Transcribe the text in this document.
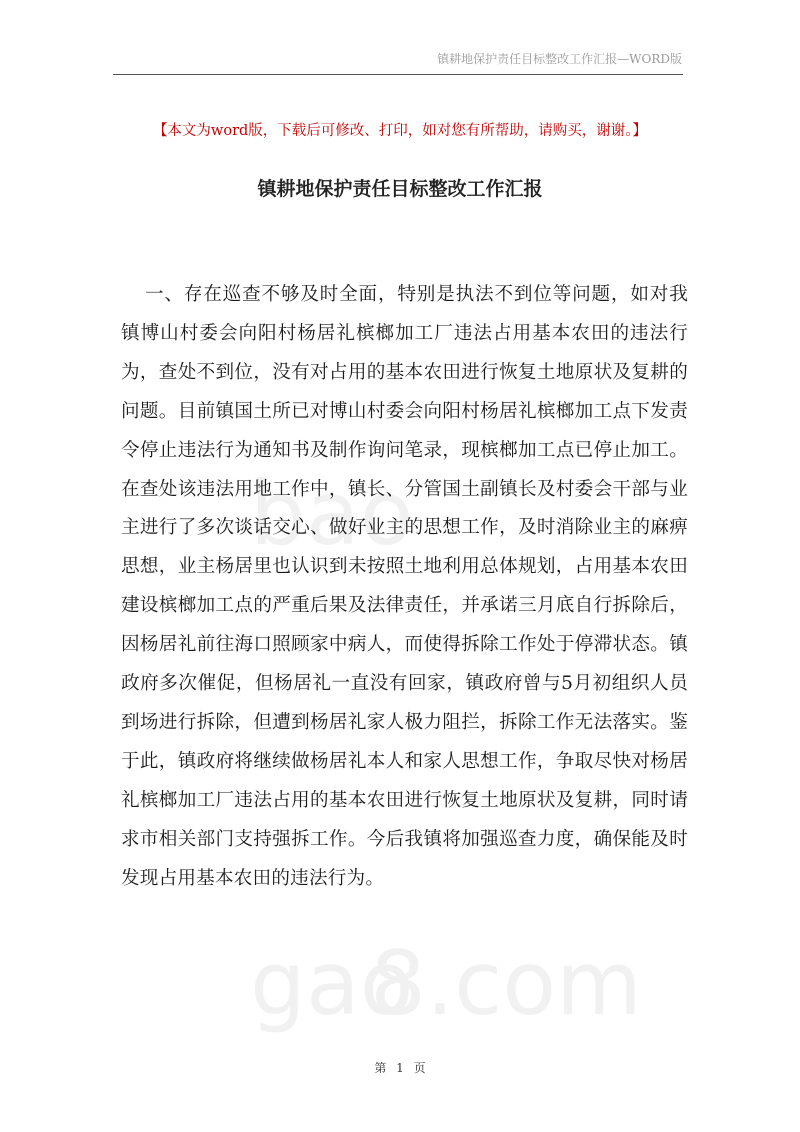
镇耕地保护责任目标整改工作汇报—WORD版
【本文为word版，下载后可修改、打印，如对您有所帮助，请购买，谢谢。】
镇耕地保护责任目标整改工作汇报
一、存在巡查不够及时全面，特别是执法不到位等问题，如对我
镇博山村委会向阳村杨居礼槟榔加工厂违法占用基本农田的违法行
为，查处不到位，没有对占用的基本农田进行恢复土地原状及复耕的
问题。目前镇国土所已对博山村委会向阳村杨居礼槟榔加工点下发责
令停止违法行为通知书及制作询问笔录，现槟榔加工点已停止加工。
在查处该违法用地工作中，镇长、分管国土副镇长及村委会干部与业
主进行了多次谈话交心、做好业主的思想工作，及时消除业主的麻痹
思想，业主杨居里也认识到未按照土地利用总体规划，占用基本农田
建设槟榔加工点的严重后果及法律责任，并承诺三月底自行拆除后，
因杨居礼前往海口照顾家中病人，而使得拆除工作处于停滞状态。镇
政府多次催促，但杨居礼一直没有回家，镇政府曾与5月初组织人员
到场进行拆除，但遭到杨居礼家人极力阻拦，拆除工作无法落实。鉴
于此，镇政府将继续做杨居礼本人和家人思想工作，争取尽快对杨居
礼槟榔加工厂违法占用的基本农田进行恢复土地原状及复耕，同时请
求市相关部门支持强拆工作。今后我镇将加强巡查力度，确保能及时
发现占用基本农田的违法行为。
bao
gao
8.com
第 1 页
